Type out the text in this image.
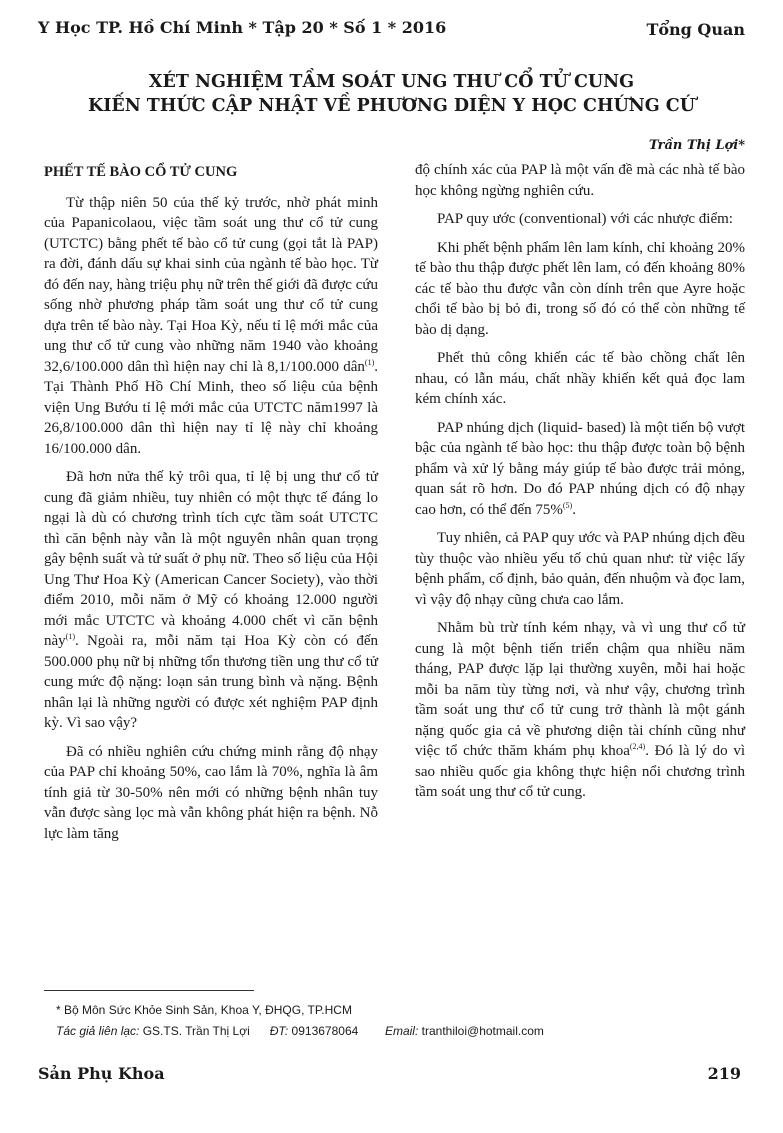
Y Học TP. Hồ Chí Minh * Tập 20 * Số 1 * 2016	Tổng Quan
XÉT NGHIỆM TẦM SOÁT UNG THƯ CỔ TỬ CUNG
KIẾN THỨC CẬP NHẬT VỀ PHƯƠNG DIỆN Y HỌC CHỨNG CỨ
Trần Thị Lợi*
PHẾT TẾ BÀO CỔ TỬ CUNG

Từ thập niên 50 của thế kỷ trước, nhờ phát minh của Papanicolaou, việc tầm soát ung thư cổ tử cung (UTCTC) bằng phết tế bào cổ tử cung (gọi tắt là PAP) ra đời, đánh dấu sự khai sinh của ngành tế bào học. Từ đó đến nay, hàng triệu phụ nữ trên thế giới đã được cứu sống nhờ phương pháp tầm soát ung thư cổ tử cung dựa trên tế bào này. Tại Hoa Kỳ, nếu tỉ lệ mới mắc của ung thư cổ tử cung vào những năm 1940 vào khoảng 32,6/100.000 dân thì hiện nay chỉ là 8,1/100.000 dân$^{(1)}$. Tại Thành Phố Hồ Chí Minh, theo số liệu của bệnh viện Ung Bướu tỉ lệ mới mắc của UTCTC năm1997 là 26,8/100.000 dân thì hiện nay tỉ lệ này chỉ khoảng 16/100.000 dân.

Đã hơn nửa thế kỷ trôi qua, tỉ lệ bị ung thư cổ tử cung đã giảm nhiều, tuy nhiên có một thực tế đáng lo ngại là dù có chương trình tích cực tầm soát UTCTC thì căn bệnh này vẫn là một nguyên nhân quan trọng gây bệnh suất và tử suất ở phụ nữ. Theo số liệu của Hội Ung Thư Hoa Kỳ (American Cancer Society), vào thời điểm 2010, mỗi năm ở Mỹ có khoảng 12.000 người mới mắc UTCTC và khoảng 4.000 chết vì căn bệnh này$^{(1)}$. Ngoài ra, mỗi năm tại Hoa Kỳ còn có đến 500.000 phụ nữ bị những tổn thương tiền ung thư cổ tử cung mức độ nặng: loạn sản trung bình và nặng. Bệnh nhân lại là những người có được xét nghiệm PAP định kỳ. Vì sao vậy?

Đã có nhiều nghiên cứu chứng minh rằng độ nhạy của PAP chỉ khoảng 50%, cao lắm là 70%, nghĩa là âm tính giả từ 30-50% nên mới có những bệnh nhân tuy vẫn được sàng lọc mà vẫn không phát hiện ra bệnh. Nỗ lực làm tăng

độ chính xác của PAP là một vấn đề mà các nhà tế bào học không ngừng nghiên cứu.

PAP quy ước (conventional) với các nhược điểm:

Khi phết bệnh phẩm lên lam kính, chỉ khoảng 20% tế bào thu thập được phết lên lam, có đến khoảng 80% các tế bào thu được vẫn còn dính trên que Ayre hoặc chổi tế bào bị bỏ đi, trong số đó có thể còn những tế bào dị dạng.

Phết thủ công khiến các tế bào chồng chất lên nhau, có lẫn máu, chất nhầy khiến kết quả đọc lam kém chính xác.

PAP nhúng dịch (liquid- based) là một tiến bộ vượt bậc của ngành tế bào học: thu thập được toàn bộ bệnh phẩm và xử lý bằng máy giúp tế bào được trải mỏng, quan sát rõ hơn. Do đó PAP nhúng dịch có độ nhạy cao hơn, có thể đến 75%$^{(5)}$.

Tuy nhiên, cả PAP quy ước và PAP nhúng dịch đều tùy thuộc vào nhiều yếu tố chủ quan như: từ việc lấy bệnh phẩm, cố định, bảo quản, đến nhuộm và đọc lam, vì vậy độ nhạy cũng chưa cao lắm.

Nhằm bù trừ tính kém nhạy, và vì ung thư cổ tử cung là một bệnh tiến triển chậm qua nhiều năm tháng, PAP được lặp lại thường xuyên, mỗi hai hoặc mỗi ba năm tùy từng nơi, và như vậy, chương trình tầm soát ung thư cổ tử cung trở thành là một gánh nặng quốc gia cả về phương diện tài chính cũng như việc tổ chức thăm khám phụ khoa$^{(2,4)}$. Đó là lý do vì sao nhiều quốc gia không thực hiện nổi chương trình tầm soát ung thư cổ tử cung.

* Bộ Môn Sức Khỏe Sinh Sản, Khoa Y, ĐHQG, TP.HCM
Tác giả liên lạc: GS.TS. Trần Thị Lợi ĐT: 0913678064 Email: tranthiloi@hotmail.com
Sản Phụ Khoa	219
